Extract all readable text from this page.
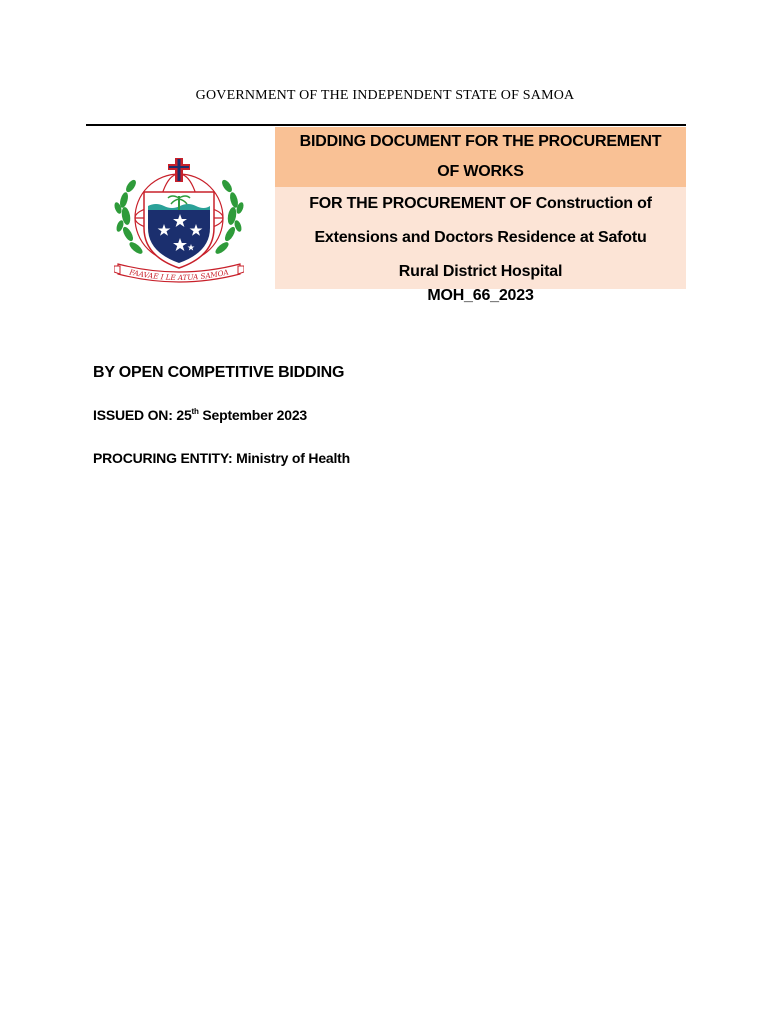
GOVERNMENT OF THE INDEPENDENT STATE OF SAMOA
FAAVAE I LE ATUA SAMOA
BIDDING DOCUMENT FOR THE PROCUREMENT
OF WORKS
FOR THE PROCUREMENT OF Construction of
Extensions and Doctors Residence at Safotu
Rural District Hospital
MOH_66_2023
BY OPEN COMPETITIVE BIDDING
ISSUED ON: 25th September 2023
PROCURING ENTITY: Ministry of Health
